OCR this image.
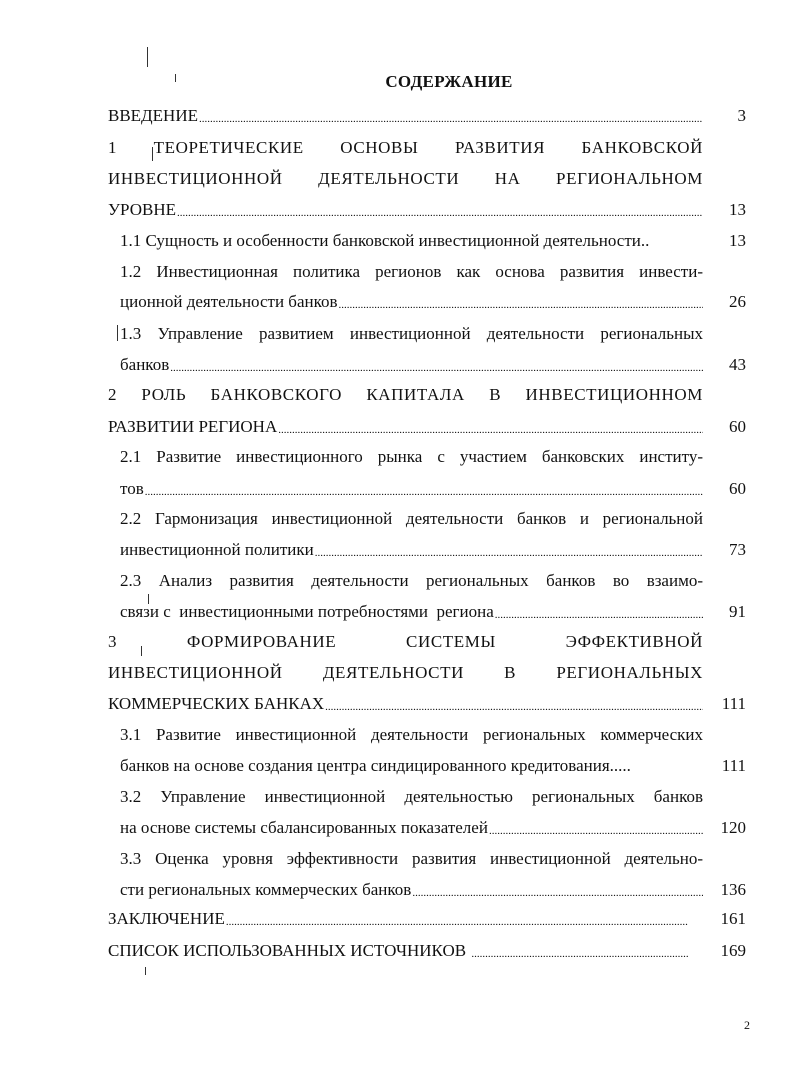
СОДЕРЖАНИЕ
ВВЕДЕНИЕ .....	3
1 ТЕОРЕТИЧЕСКИЕ ОСНОВЫ РАЗВИТИЯ БАНКОВСКОЙ
ИНВЕСТИЦИОННОЙ ДЕЯТЕЛЬНОСТИ НА РЕГИОНАЛЬНОМ
УРОВНЕ .....	13
1.1 Сущность и особенности банковской инвестиционной деятельности..	13
1.2 Инвестиционная политика регионов как основа развития инвести-
ционной деятельности банков .....	26
1.3 Управление развитием инвестиционной деятельности региональных
банков .....	43
2 РОЛЬ БАНКОВСКОГО КАПИТАЛА В ИНВЕСТИЦИОННОМ
РАЗВИТИИ РЕГИОНА .....	60
2.1 Развитие инвестиционного рынка с участием банковских институ-
тов .....	60
2.2 Гармонизация инвестиционной деятельности банков и региональной
инвестиционной политики .....	73
2.3 Анализ развития деятельности региональных банков во взаимо-
связи с  инвестиционными потребностями  региона .....	91
3 ФОРМИРОВАНИЕ СИСТЕМЫ ЭФФЕКТИВНОЙ
ИНВЕСТИЦИОННОЙ ДЕЯТЕЛЬНОСТИ В РЕГИОНАЛЬНЫХ
КОММЕРЧЕСКИХ БАНКАХ .....	111
3.1 Развитие инвестиционной деятельности региональных коммерческих
банков на основе создания центра синдицированного кредитования.....	111
3.2 Управление инвестиционной деятельностью региональных банков
на основе системы сбалансированных показателей .....	120
3.3 Оценка уровня эффективности развития инвестиционной деятельно-
сти региональных коммерческих банков .....	136
ЗАКЛЮЧЕНИЕ .....	161
СПИСОК ИСПОЛЬЗОВАННЫХ ИСТОЧНИКОВ .....	169
2
